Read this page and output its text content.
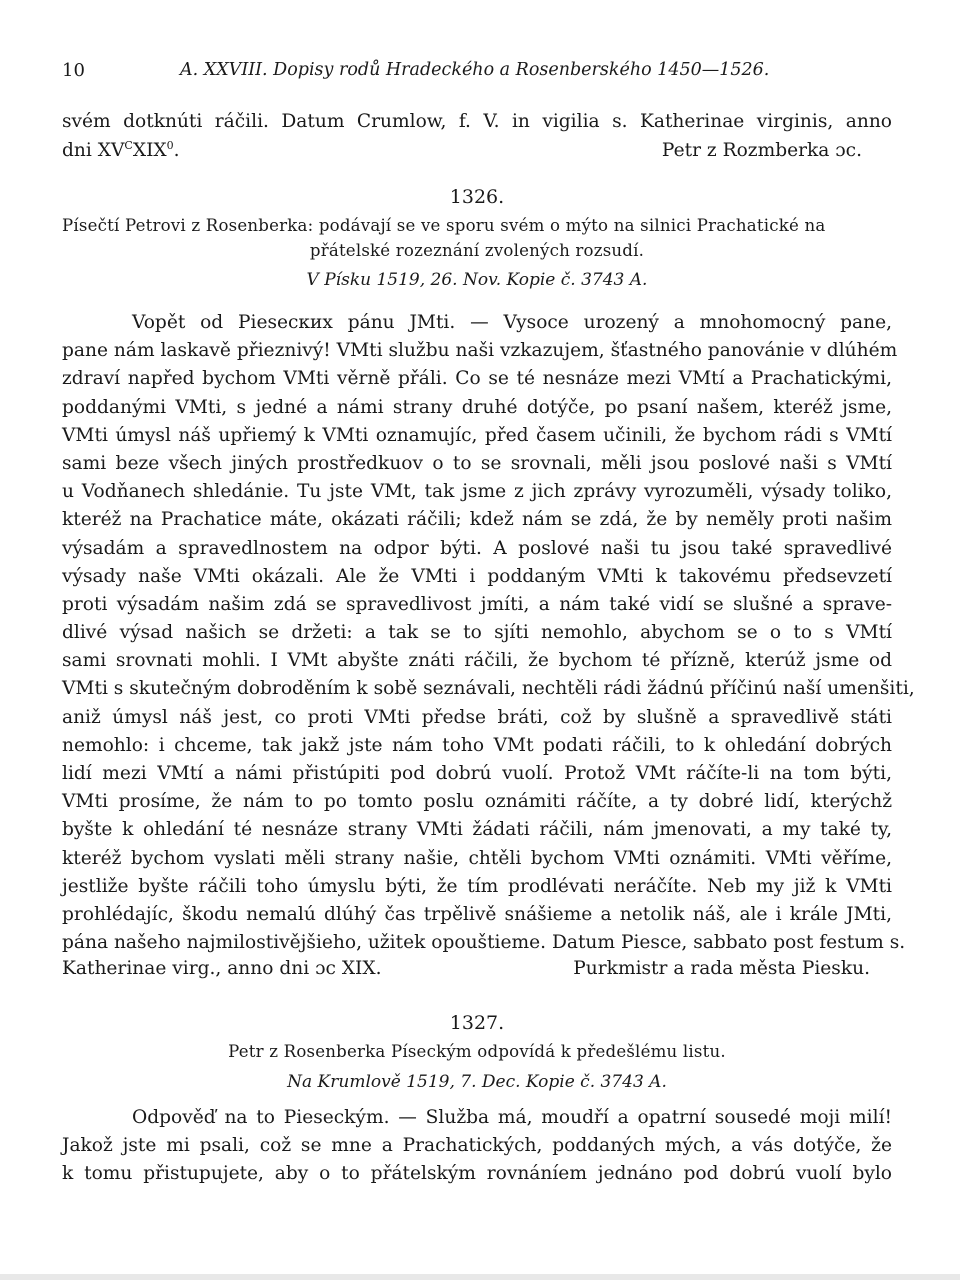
10	A. XXVIII. Dopisy rodů Hradeckého a Rosenberského 1450—1526.
svém dotknúti ráčili. Datum Crumlow, f. V. in vigilia s. Katherinae virginis, anno
dni $XV^CXIX^0$.	Petr z Rozmberka ɔc.
1326.
Písečtí Petrovi z Rosenberka: podávají se ve sporu svém o mýto na silnici Prachatické na
přátelské rozeznání zvolených rozsudí.
V Písku 1519, 26. Nov. Kopie č. 3743 A.
Vopět od Piesecких pánu JMti. — Vysoce urozený a mnohomocný pane,
pane nám laskavě přieznivý! VMti službu naši vzkazujem, šťastného panovánie v dlúhém
zdraví napřed bychom VMti věrně přáli. Co se té nesnáze mezi VMtí a Prachatickými,
poddanými VMti, s jedné a námi strany druhé dotýče, po psaní našem, kteréž jsme,
VMti úmysl náš upřiemý k VMti oznamujíc, před časem učinili, že bychom rádi s VMtí
sami beze všech jiných prostředkuov o to se srovnali, měli jsou poslové naši s VMtí
u Vodňanech shledánie. Tu jste VMt, tak jsme z jich zprávy vyrozuměli, výsady toliko,
kteréž na Prachatice máte, okázati ráčili; kdež nám se zdá, že by neměly proti našim
výsadám a spravedlnostem na odpor býti. A poslové naši tu jsou také spravedlivé
výsady naše VMti okázali. Ale že VMti i poddaným VMti k takovému předsevzetí
proti výsadám našim zdá se spravedlivost jmíti, a nám také vidí se slušné a sprave-
dlivé výsad našich se držeti: a tak se to sjíti nemohlo, abychom se o to s VMtí
sami srovnati mohli. I VMt abyšte znáti ráčili, že bychom té přízně, kterúž jsme od
VMti s skutečným dobroděním k sobě seznávali, nechtěli rádi žádnú příčinú naší umenšiti,
aniž úmysl náš jest, co proti VMti předse bráti, což by slušně a spravedlivě státi
nemohlo: i chceme, tak jakž jste nám toho VMt podati ráčili, to k ohledání dobrých
lidí mezi VMtí a námi přistúpiti pod dobrú vuolí. Protož VMt ráčíte-li na tom býti,
VMti prosíme, že nám to po tomto poslu oznámiti ráčíte, a ty dobré lidí, kterýchž
byšte k ohledání té nesnáze strany VMti žádati ráčili, nám jmenovati, a my také ty,
kteréž bychom vyslati měli strany našie, chtěli bychom VMti oznámiti. VMti věříme,
jestliže byšte ráčili toho úmyslu býti, že tím prodlévati neráčíte. Neb my již k VMti
prohlédajíc, škodu nemalú dlúhý čas trpělivě snášieme a netolik náš, ale i krále JMti,
pána našeho najmilostivějšieho, užitek opouštieme. Datum Piesce, sabbato post festum s.
Katherinae virg., anno dni ɔc XIX.	Purkmistr a rada města Piesku.
1327.
Petr z Rosenberka Píseckým odpovídá k předešlému listu.
Na Krumlově 1519, 7. Dec. Kopie č. 3743 A.
Odpověď na to Pieseckým. — Služba má, moudří a opatrní sousedé moji milí!
Jakož jste mi psali, což se mne a Prachatických, poddaných mých, a vás dotýče, že
k tomu přistupujete, aby o to přátelským rovnáníem jednáno pod dobrú vuolí bylo
